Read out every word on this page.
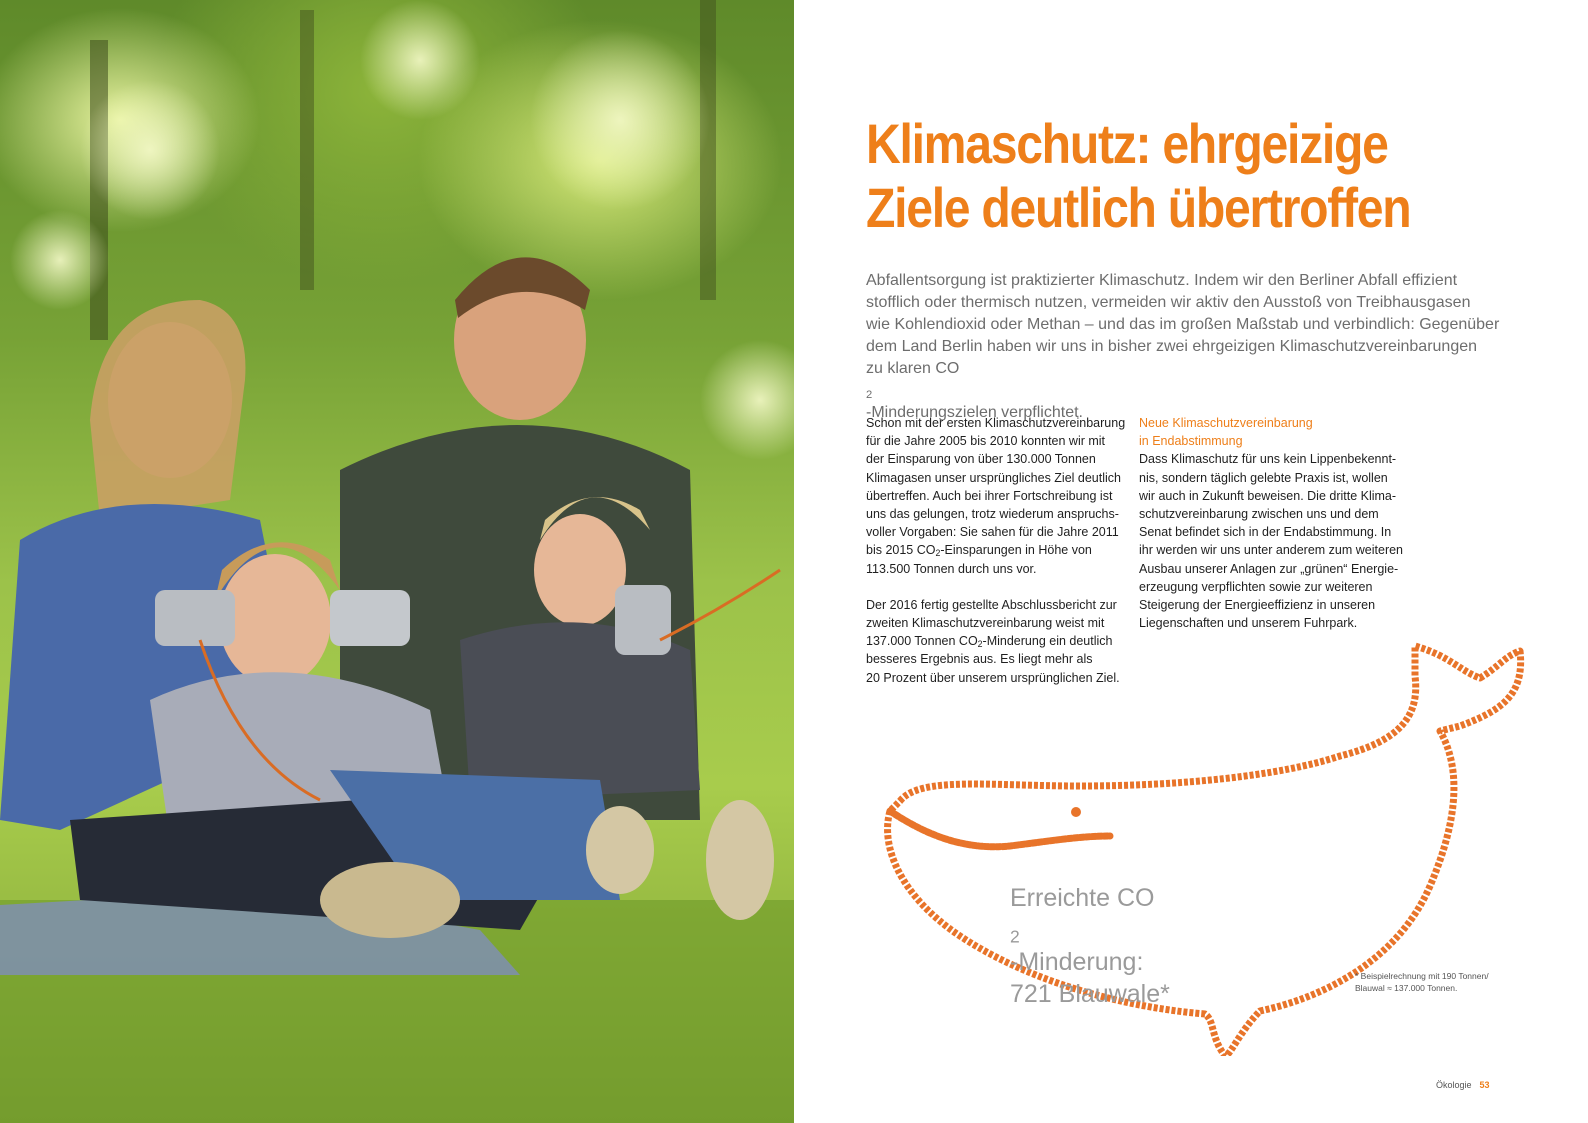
Klimaschutz: ehrgeizige
Ziele deutlich übertroffen
Abfallentsorgung ist praktizierter Klimaschutz. Indem wir den Berliner Abfall effizient
stofflich oder thermisch nutzen, vermeiden wir aktiv den Ausstoß von Treibhausgasen
wie Kohlendioxid oder Methan – und das im großen Maßstab und verbindlich: Gegenüber
dem Land Berlin haben wir uns in bisher zwei ehrgeizigen Klimaschutzvereinbarungen
zu klaren CO
$_2$
-Minderungszielen verpflichtet.
Schon mit der ersten Klimaschutzvereinbarung
für die Jahre 2005 bis 2010 konnten wir mit
der Einsparung von über 130.000 Tonnen
Klimagasen unser ursprüngliches Ziel deutlich
übertreffen. Auch bei ihrer Fortschreibung ist
uns das gelungen, trotz wiederum anspruchs-
voller Vorgaben: Sie sahen für die Jahre 2011
bis 2015 $CO_2$-Einsparungen in Höhe von
113.500 Tonnen durch uns vor.
Der 2016 fertig gestellte Abschlussbericht zur
zweiten Klimaschutzvereinbarung weist mit
137.000 Tonnen $CO_2$-Minderung ein deutlich
besseres Ergebnis aus. Es liegt mehr als
20 Prozent über unserem ursprünglichen Ziel.
Neue Klimaschutzvereinbarung
in Endabstimmung
Dass Klimaschutz für uns kein Lippenbekennt-
nis, sondern täglich gelebte Praxis ist, wollen
wir auch in Zukunft beweisen. Die dritte Klima-
schutzvereinbarung zwischen uns und dem
Senat befindet sich in der Endabstimmung. In
ihr werden wir uns unter anderem zum weiteren
Ausbau unserer Anlagen zur „grünen“ Energie-
erzeugung verpflichten sowie zur weiteren
Steigerung der Energieeffizienz in unseren
Liegenschaften und unserem Fuhrpark.
Erreichte CO
$_2$
-Minderung:
721 Blauwale*
* Beispielrechnung mit 190 Tonnen/
Blauwal ≈ 137.000 Tonnen.
Ökologie 53
